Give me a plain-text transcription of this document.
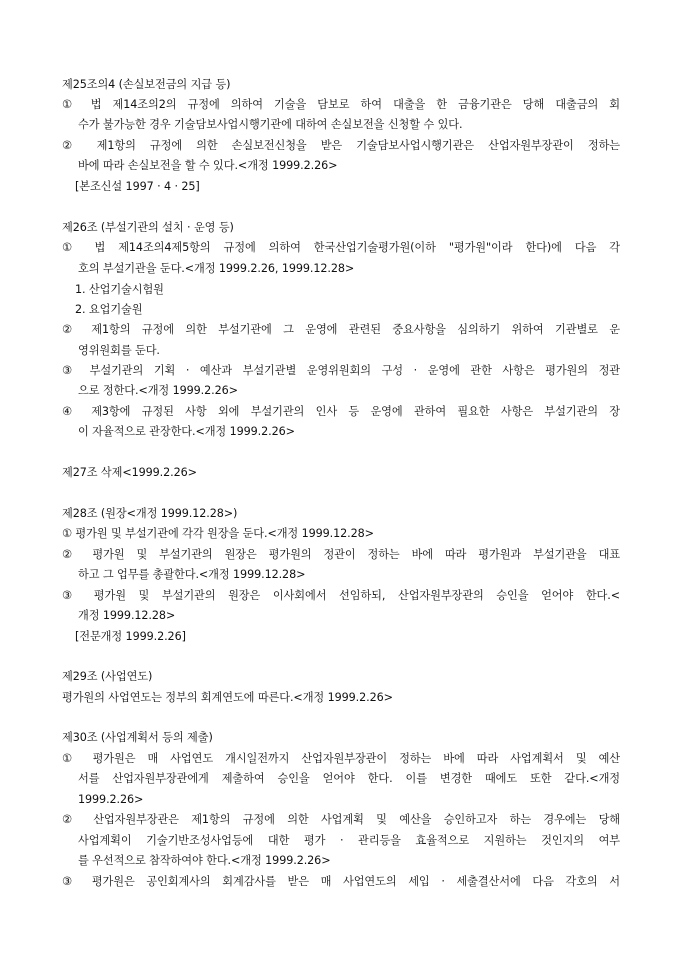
제25조의4 (손실보전금의 지급 등)
① 법 제14조의2의 규정에 의하여 기술을 담보로 하여 대출을 한 금융기관은 당해 대출금의 회
수가 불가능한 경우 기술담보사업시행기관에 대하여 손실보전을 신청할 수 있다.
② 제1항의 규정에 의한 손실보전신청을 받은 기술담보사업시행기관은 산업자원부장관이 정하는
바에 따라 손실보전을 할 수 있다.<개정 1999.2.26>
[본조신설 1997 · 4 · 25]
제26조 (부설기관의 설치 · 운영 등)
① 법 제14조의4제5항의 규정에 의하여 한국산업기술평가원(이하 "평가원"이라 한다)에 다음 각
호의 부설기관을 둔다.<개정 1999.2.26, 1999.12.28>
1. 산업기술시험원
2. 요업기술원
② 제1항의 규정에 의한 부설기관에 그 운영에 관련된 중요사항을 심의하기 위하여 기관별로 운
영위원회를 둔다.
③ 부설기관의 기획 · 예산과 부설기관별 운영위원회의 구성 · 운영에 관한 사항은 평가원의 정관
으로 정한다.<개정 1999.2.26>
④ 제3항에 규정된 사항 외에 부설기관의 인사 등 운영에 관하여 필요한 사항은 부설기관의 장
이 자율적으로 관장한다.<개정 1999.2.26>
제27조 삭제<1999.2.26>
제28조 (원장<개정 1999.12.28>)
① 평가원 및 부설기관에 각각 원장을 둔다.<개정 1999.12.28>
② 평가원 및 부설기관의 원장은 평가원의 정관이 정하는 바에 따라 평가원과 부설기관을 대표
하고 그 업무를 총괄한다.<개정 1999.12.28>
③ 평가원 및 부설기관의 원장은 이사회에서 선임하되, 산업자원부장관의 승인을 얻어야 한다.<
개정 1999.12.28>
[전문개정 1999.2.26]
제29조 (사업연도)
평가원의 사업연도는 정부의 회계연도에 따른다.<개정 1999.2.26>
제30조 (사업계획서 등의 제출)
① 평가원은 매 사업연도 개시일전까지 산업자원부장관이 정하는 바에 따라 사업계획서 및 예산
서를 산업자원부장관에게 제출하여 승인을 얻어야 한다. 이를 변경한 때에도 또한 같다.<개정
1999.2.26>
② 산업자원부장관은 제1항의 규정에 의한 사업계획 및 예산을 승인하고자 하는 경우에는 당해
사업계획이 기술기반조성사업등에 대한 평가 · 관리등을 효율적으로 지원하는 것인지의 여부
를 우선적으로 참작하여야 한다.<개정 1999.2.26>
③ 평가원은 공인회계사의 회계감사를 받은 매 사업연도의 세입 · 세출결산서에 다음 각호의 서
